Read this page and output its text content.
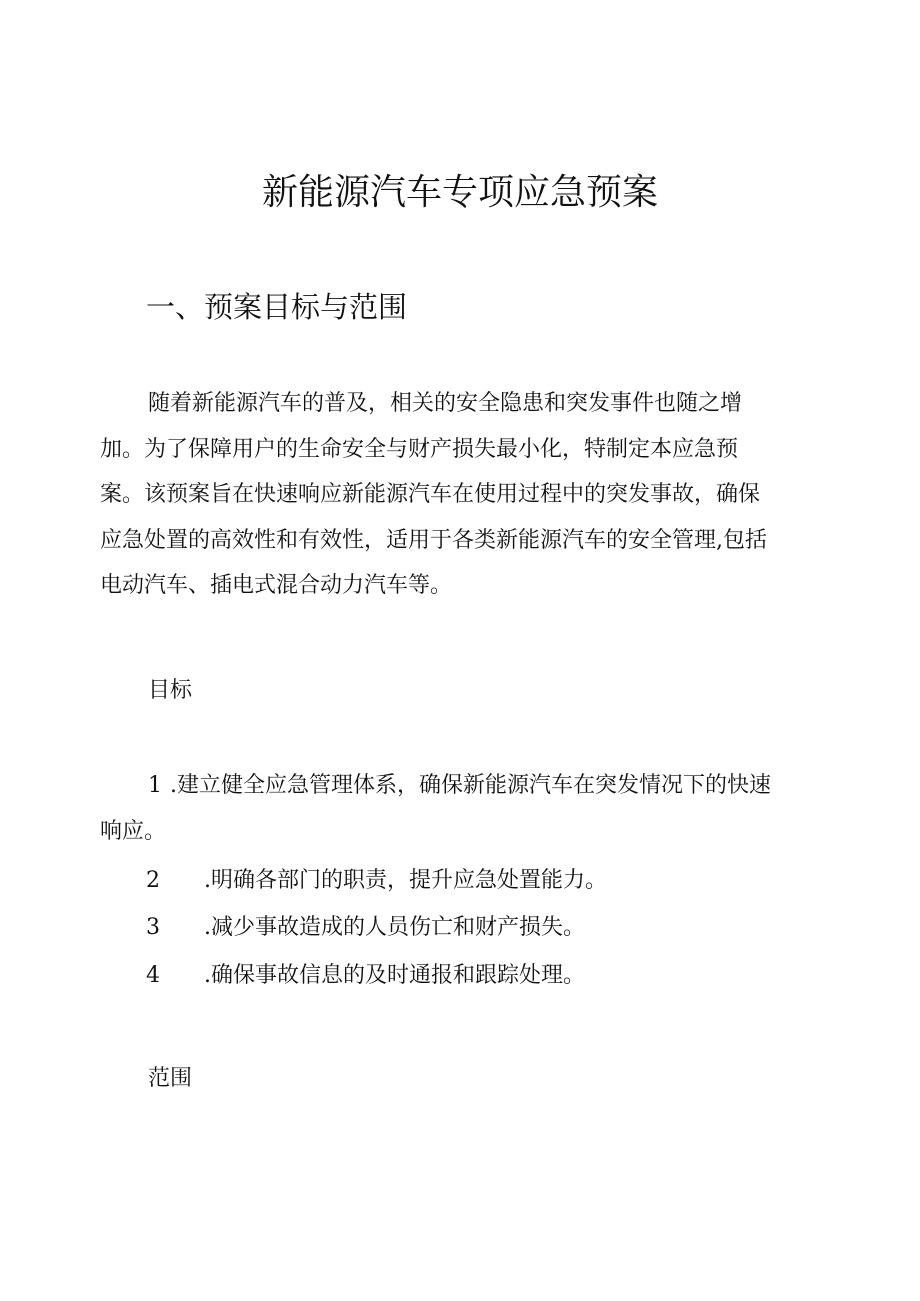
新能源汽车专项应急预案
一、预案目标与范围

随着新能源汽车的普及，相关的安全隐患和突发事件也随之增
加。为了保障用户的生命安全与财产损失最小化，特制定本应急预
案。该预案旨在快速响应新能源汽车在使用过程中的突发事故，确保
应急处置的高效性和有效性，适用于各类新能源汽车的安全管理,包括
电动汽车、插电式混合动力汽车等。

目标

1 .建立健全应急管理体系，确保新能源汽车在突发情况下的快速

响应。

2 .明确各部门的职责，提升应急处置能力。

3 .减少事故造成的人员伤亡和财产损失。

4 .确保事故信息的及时通报和跟踪处理。

范围
